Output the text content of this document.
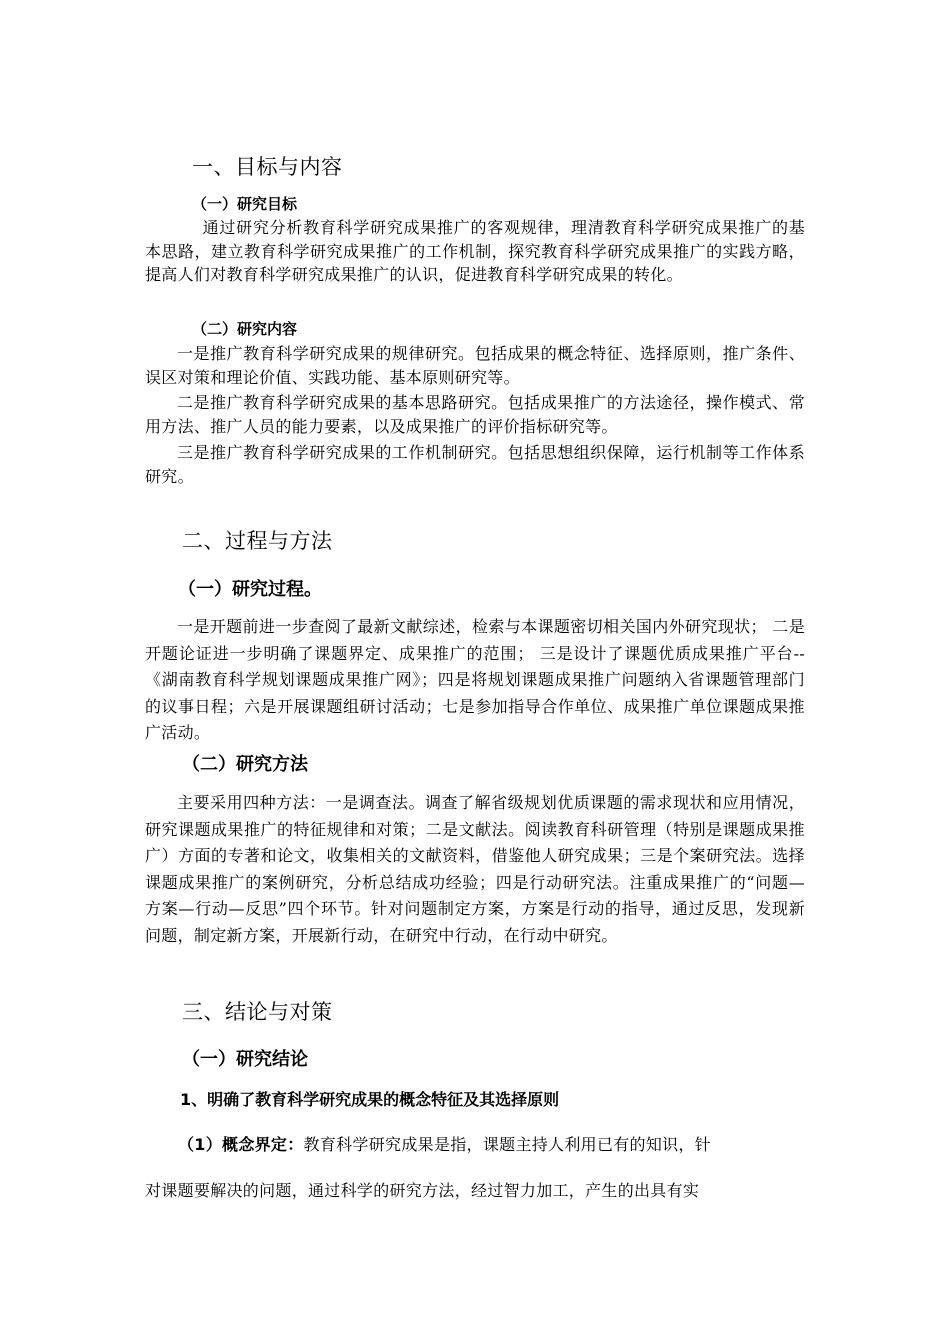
一、目标与内容
（一）研究目标

通过研究分析教育科学研究成果推广的客观规律，理清教育科学研究成果推广的基本思路，建立教育科学研究成果推广的工作机制，探究教育科学研究成果推广的实践方略，提高人们对教育科学研究成果推广的认识，促进教育科学研究成果的转化。

（二）研究内容

一是推广教育科学研究成果的规律研究。包括成果的概念特征、选择原则，推广条件、误区对策和理论价值、实践功能、基本原则研究等。

二是推广教育科学研究成果的基本思路研究。包括成果推广的方法途径，操作模式、常用方法、推广人员的能力要素，以及成果推广的评价指标研究等。

三是推广教育科学研究成果的工作机制研究。包括思想组织保障，运行机制等工作体系研究。

二、过程与方法
（一）研究过程。

一是开题前进一步查阅了最新文献综述，检索与本课题密切相关国内外研究现状； 二是开题论证进一步明确了课题界定、成果推广的范围； 三是设计了课题优质成果推广平台--《湖南教育科学规划课题成果推广网》；四是将规划课题成果推广问题纳入省课题管理部门的议事日程；六是开展课题组研讨活动；七是参加指导合作单位、成果推广单位课题成果推广活动。

（二）研究方法

主要采用四种方法：一是调查法。调查了解省级规划优质课题的需求现状和应用情况，研究课题成果推广的特征规律和对策；二是文献法。阅读教育科研管理（特别是课题成果推广）方面的专著和论文，收集相关的文献资料，借鉴他人研究成果；三是个案研究法。选择课题成果推广的案例研究，分析总结成功经验；四是行动研究法。注重成果推广的“问题—方案—行动—反思”四个环节。针对问题制定方案，方案是行动的指导，通过反思，发现新问题，制定新方案，开展新行动，在研究中行动，在行动中研究。

三、结论与对策
（一）研究结论
1、明确了教育科学研究成果的概念特征及其选择原则
（1）概念界定：教育科学研究成果是指，课题主持人利用已有的知识，针
对课题要解决的问题，通过科学的研究方法，经过智力加工，产生的出具有实
